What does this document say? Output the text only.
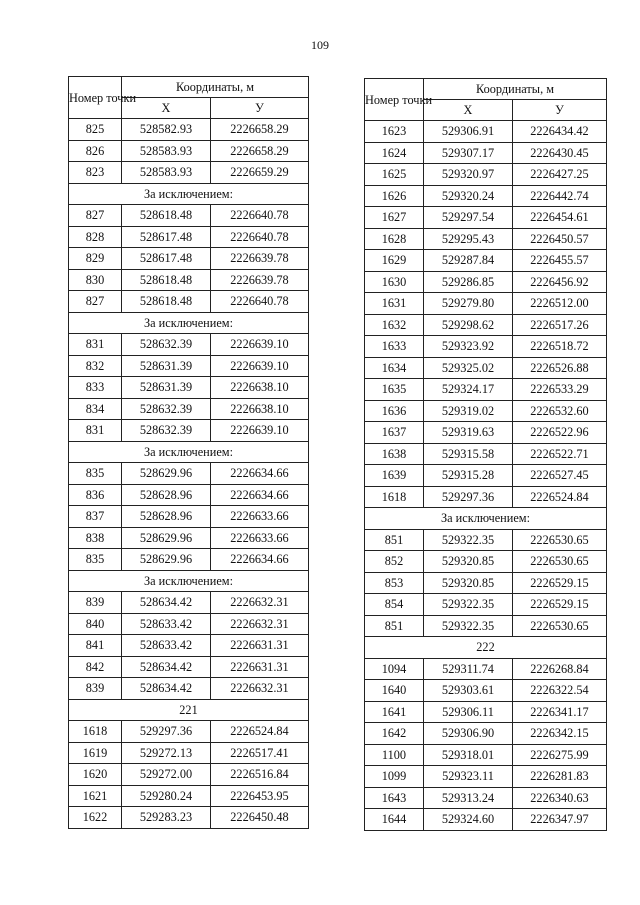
109
Номер точки	Координаты, м	
	Х	У
825	528582.93	2226658.29
826	528583.93	2226658.29
823	528583.93	2226659.29
За исключением:		
827	528618.48	2226640.78
828	528617.48	2226640.78
829	528617.48	2226639.78
830	528618.48	2226639.78
827	528618.48	2226640.78
За исключением:		
831	528632.39	2226639.10
832	528631.39	2226639.10
833	528631.39	2226638.10
834	528632.39	2226638.10
831	528632.39	2226639.10
За исключением:		
835	528629.96	2226634.66
836	528628.96	2226634.66
837	528628.96	2226633.66
838	528629.96	2226633.66
835	528629.96	2226634.66
За исключением:		
839	528634.42	2226632.31
840	528633.42	2226632.31
841	528633.42	2226631.31
842	528634.42	2226631.31
839	528634.42	2226632.31
221		
1618	529297.36	2226524.84
1619	529272.13	2226517.41
1620	529272.00	2226516.84
1621	529280.24	2226453.95
1622	529283.23	2226450.48
Номер точки	Координаты, м	
	Х	У
1623	529306.91	2226434.42
1624	529307.17	2226430.45
1625	529320.97	2226427.25
1626	529320.24	2226442.74
1627	529297.54	2226454.61
1628	529295.43	2226450.57
1629	529287.84	2226455.57
1630	529286.85	2226456.92
1631	529279.80	2226512.00
1632	529298.62	2226517.26
1633	529323.92	2226518.72
1634	529325.02	2226526.88
1635	529324.17	2226533.29
1636	529319.02	2226532.60
1637	529319.63	2226522.96
1638	529315.58	2226522.71
1639	529315.28	2226527.45
1618	529297.36	2226524.84
За исключением:		
851	529322.35	2226530.65
852	529320.85	2226530.65
853	529320.85	2226529.15
854	529322.35	2226529.15
851	529322.35	2226530.65
222		
1094	529311.74	2226268.84
1640	529303.61	2226322.54
1641	529306.11	2226341.17
1642	529306.90	2226342.15
1100	529318.01	2226275.99
1099	529323.11	2226281.83
1643	529313.24	2226340.63
1644	529324.60	2226347.97
